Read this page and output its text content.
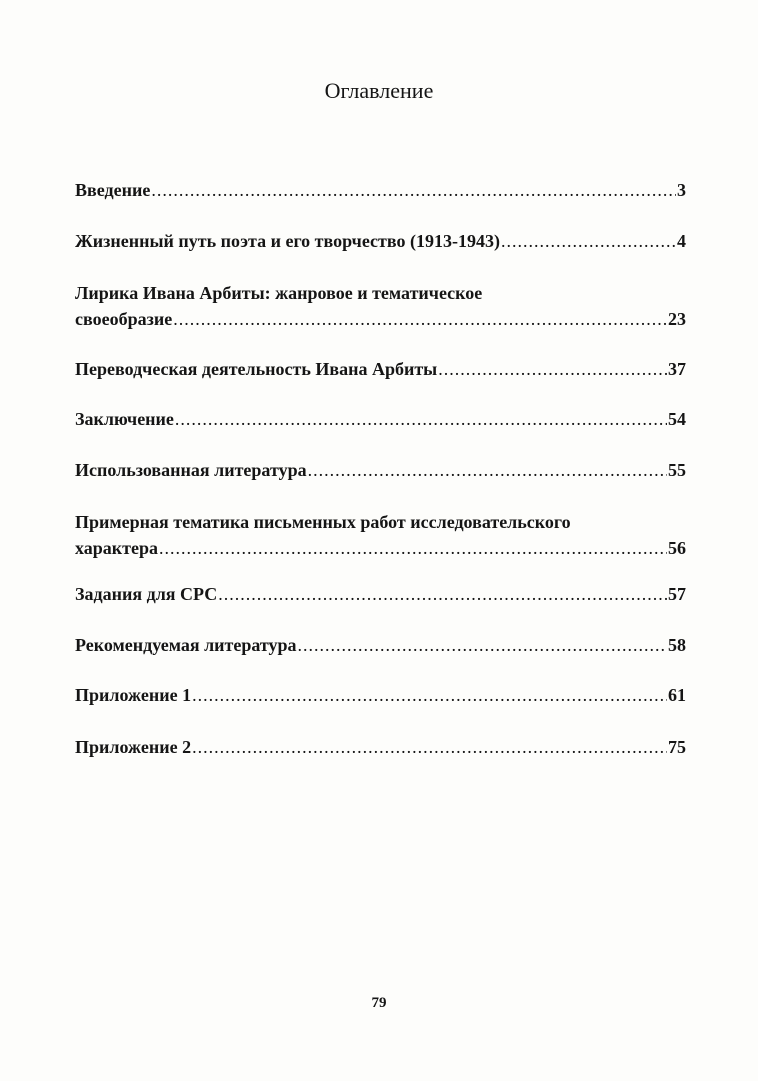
Оглавление
Введение .....	3
Жизненный путь поэта и его творчество (1913-1943) .....	4
Лирика Ивана Арбиты: жанровое и тематическое
своеобразие .....	23
Переводческая деятельность Ивана Арбиты .....	37
Заключение .....	54
Использованная литература .....	55
Примерная тематика письменных работ исследовательского
характера .....	56
Задания для СРС .....	57
Рекомендуемая литература .....	58
Приложение 1 .....	61
Приложение 2 .....	75
79
